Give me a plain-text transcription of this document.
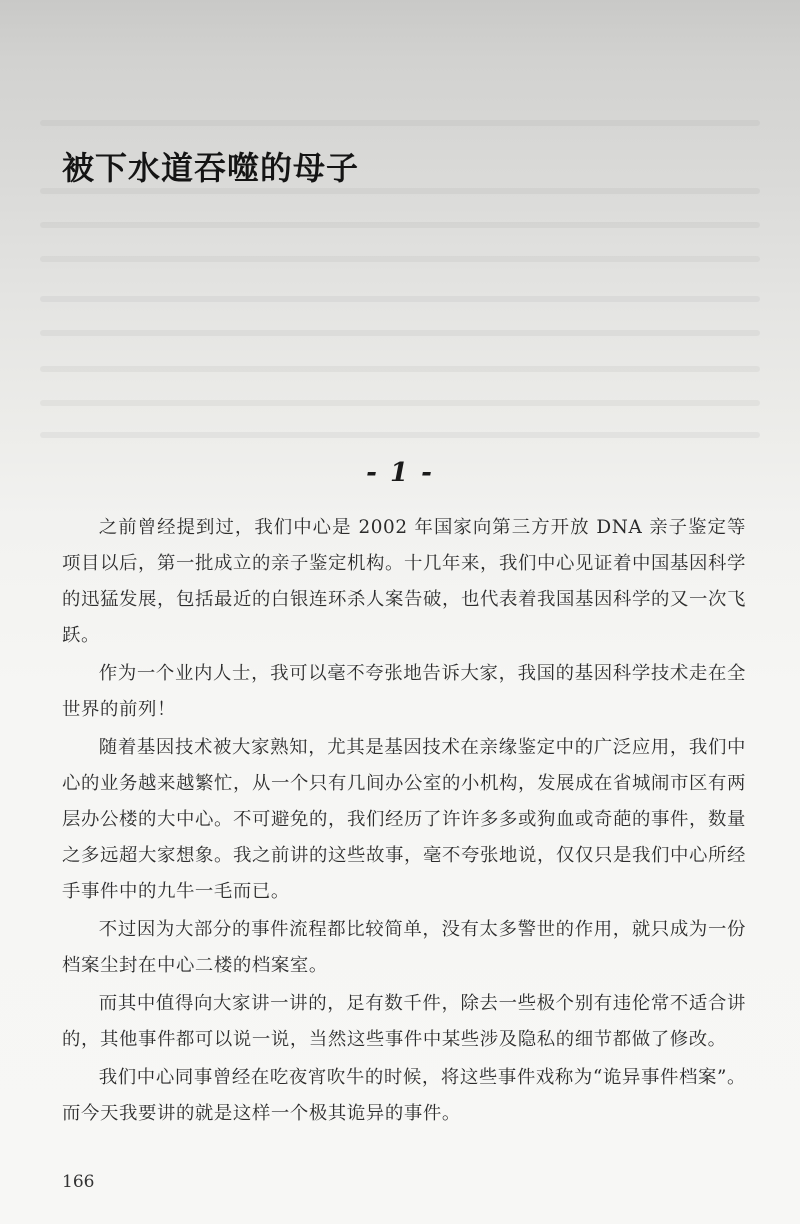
被下水道吞噬的母子
- 1 -

之前曾经提到过，我们中心是 2002 年国家向第三方开放 DNA 亲子鉴定等项目以后，第一批成立的亲子鉴定机构。十几年来，我们中心见证着中国基因科学的迅猛发展，包括最近的白银连环杀人案告破，也代表着我国基因科学的又一次飞跃。

作为一个业内人士，我可以毫不夸张地告诉大家，我国的基因科学技术走在全世界的前列！

随着基因技术被大家熟知，尤其是基因技术在亲缘鉴定中的广泛应用，我们中心的业务越来越繁忙，从一个只有几间办公室的小机构，发展成在省城闹市区有两层办公楼的大中心。不可避免的，我们经历了许许多多或狗血或奇葩的事件，数量之多远超大家想象。我之前讲的这些故事，毫不夸张地说，仅仅只是我们中心所经手事件中的九牛一毛而已。

不过因为大部分的事件流程都比较简单，没有太多警世的作用，就只成为一份档案尘封在中心二楼的档案室。

而其中值得向大家讲一讲的，足有数千件，除去一些极个别有违伦常不适合讲的，其他事件都可以说一说，当然这些事件中某些涉及隐私的细节都做了修改。

我们中心同事曾经在吃夜宵吹牛的时候，将这些事件戏称为“诡异事件档案”。而今天我要讲的就是这样一个极其诡异的事件。

166
